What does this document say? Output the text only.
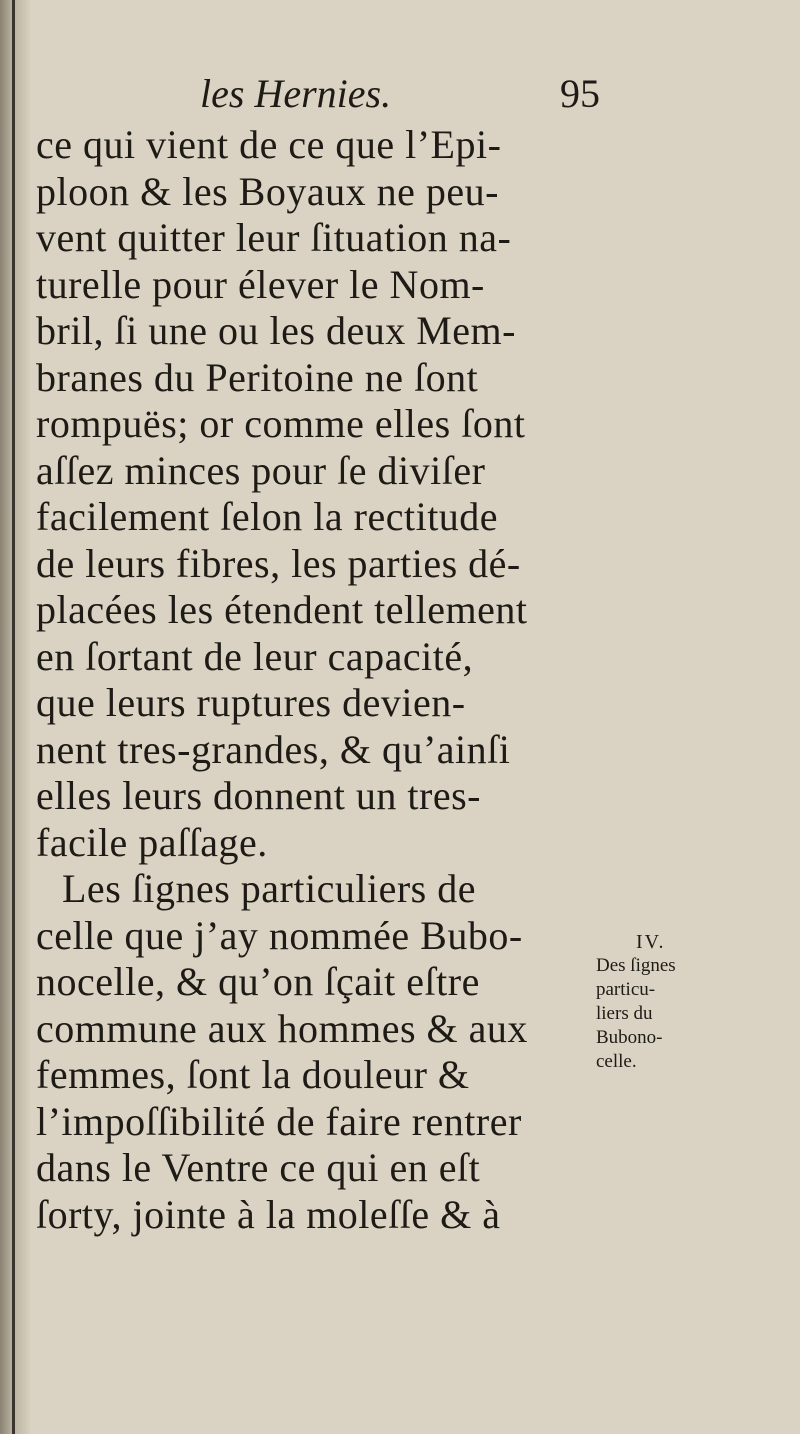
les Hernies.	95
ce qui vient de ce que l’Epi-
ploon & les Boyaux ne peu-
vent quitter leur ſituation na-
turelle pour élever le Nom-
bril, ſi une ou les deux Mem-
branes du Peritoine ne ſont
rompuës; or comme elles ſont
aſſez minces pour ſe diviſer
facilement ſelon la rectitude
de leurs fibres, les parties dé-
placées les étendent tellement
en ſortant de leur capacité,
que leurs ruptures devien-
nent tres-grandes, & qu’ainſi
elles leurs donnent un tres-
facile paſſage.
Les ſignes particuliers de
celle que j’ay nommée Bubo-
nocelle, & qu’on ſçait eſtre
commune aux hommes & aux
femmes, ſont la douleur &
l’impoſſibilité de faire rentrer
dans le Ventre ce qui en eſt
ſorty, jointe à la moleſſe & à
IV.
Des ſignes
particu-
liers du
Bubono-
celle.
